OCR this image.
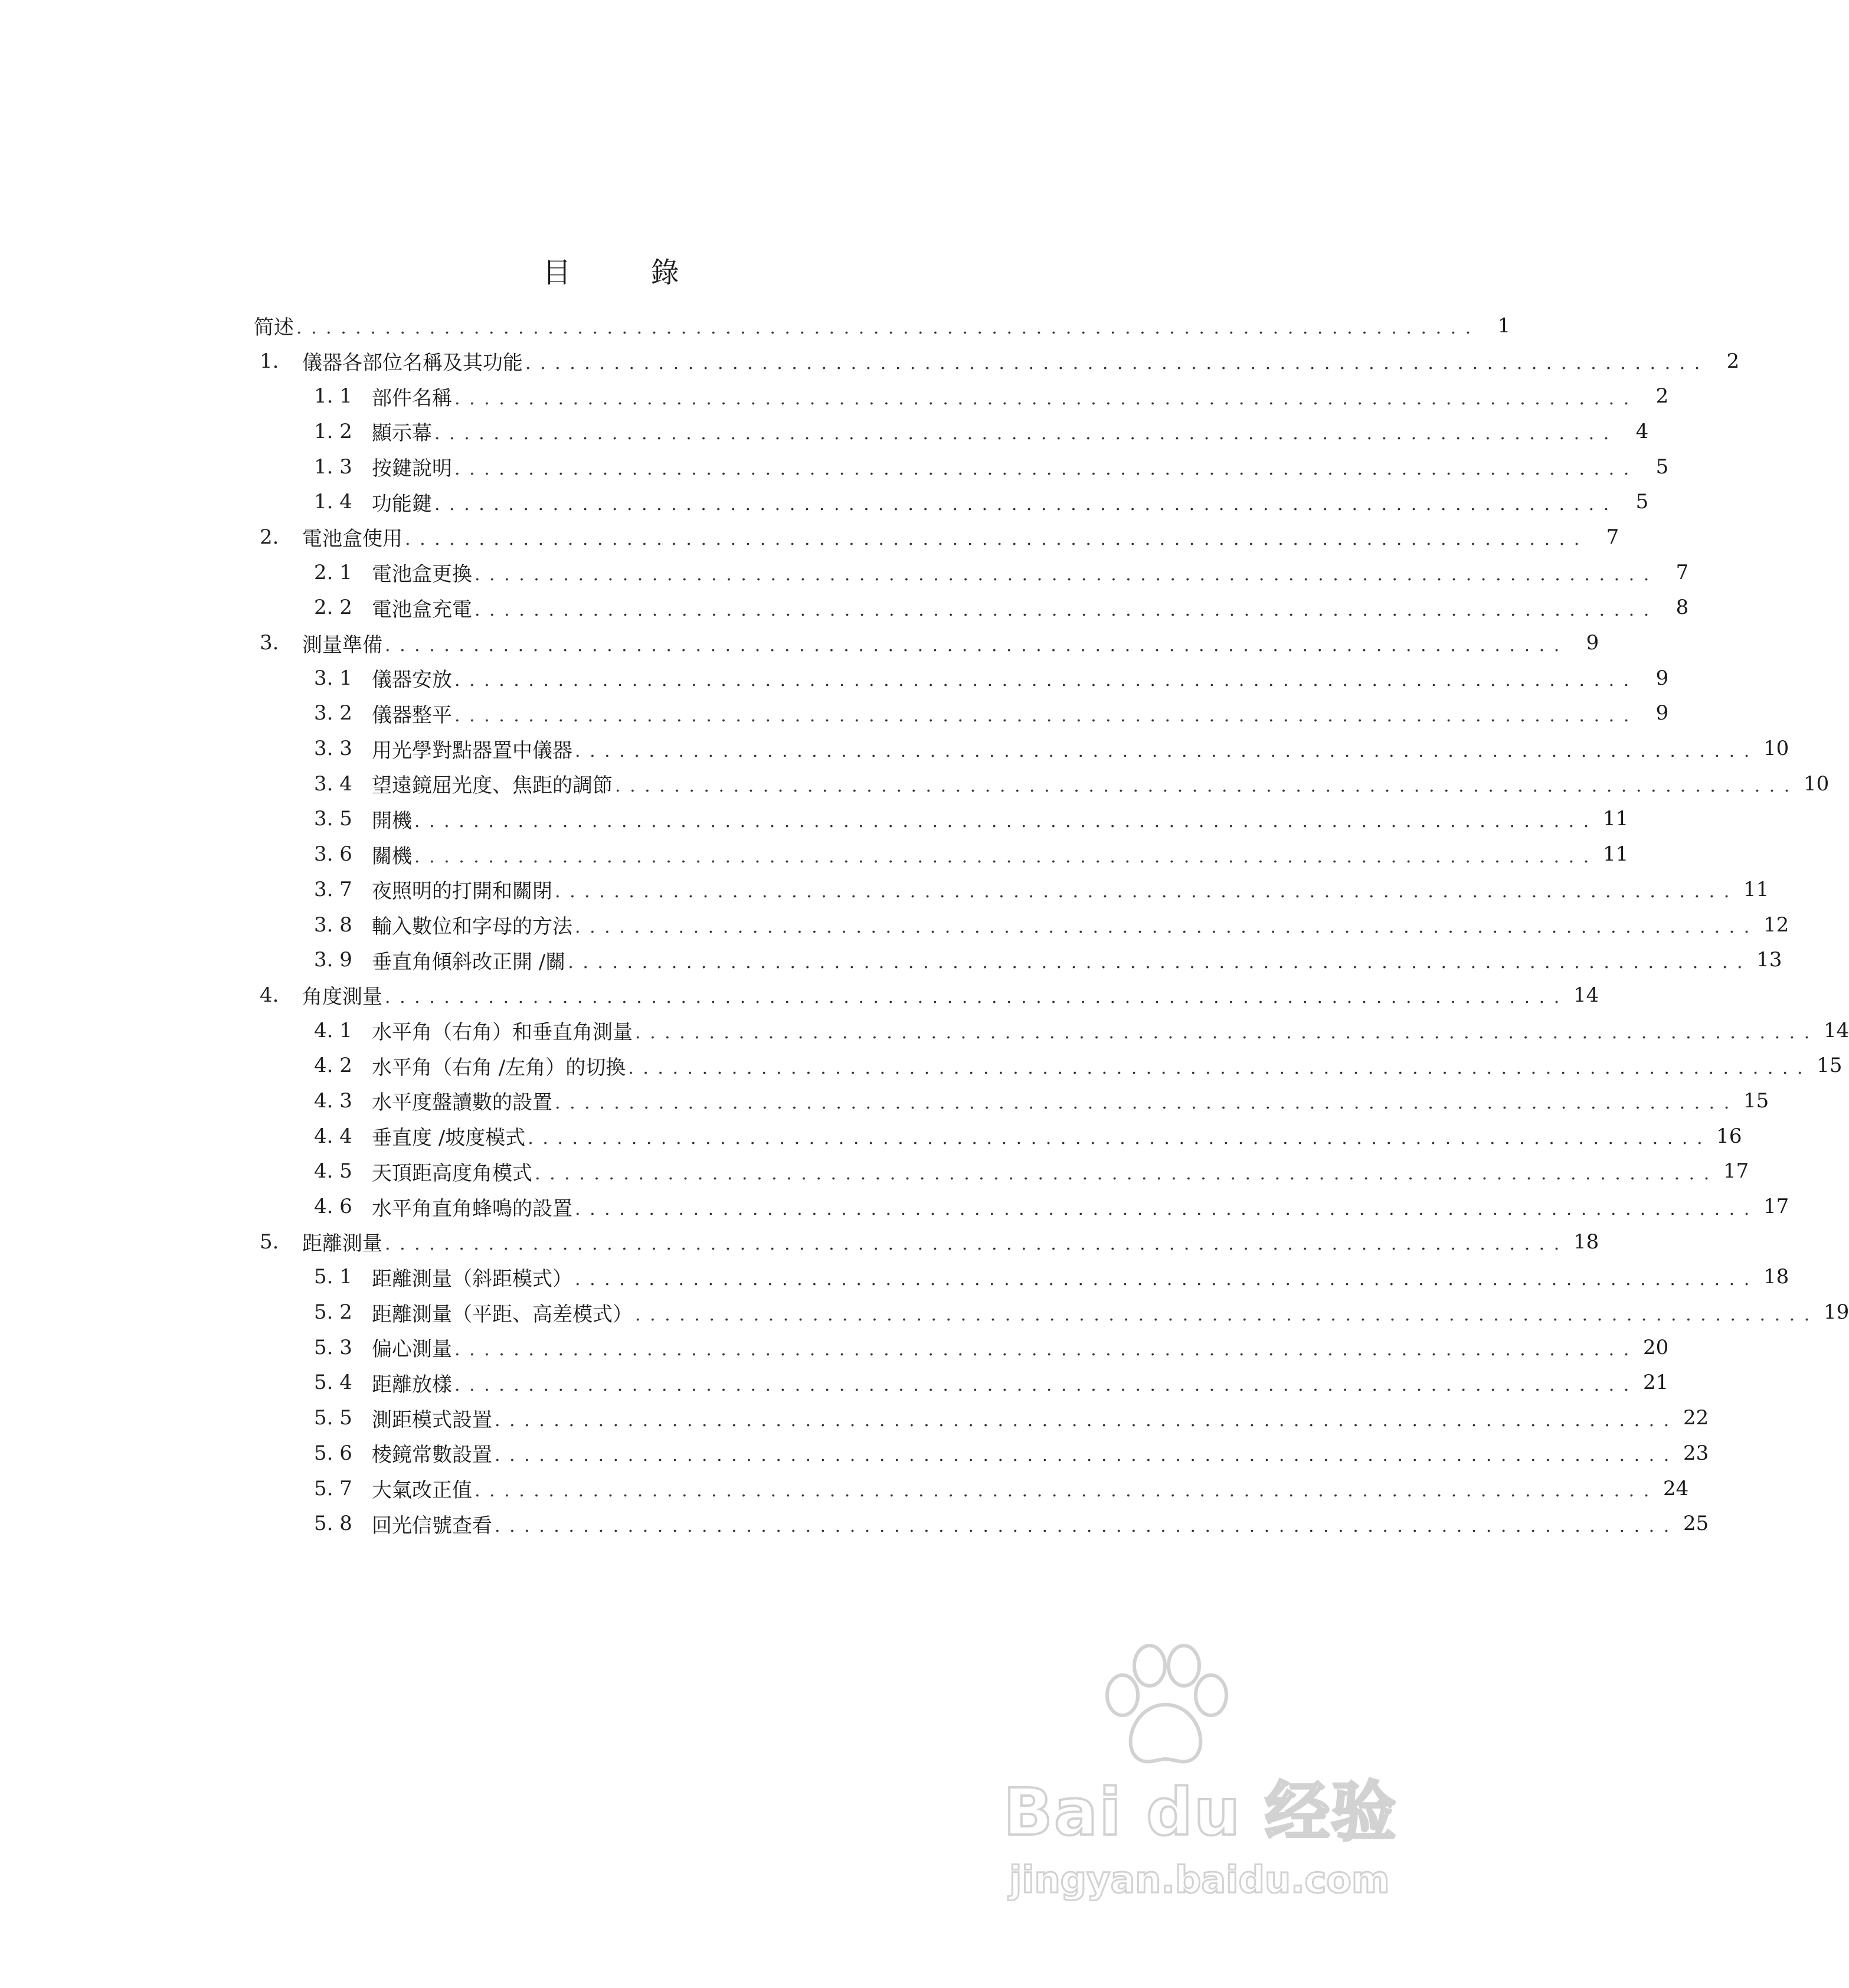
目 錄
简述 . . . . . . . . . . . . . . . . . . . . . . . . . . . . . . . . . . . . . . . . . . . . . . . . . . . . . . . . . . . . . . . . . . . . . . . . . . . . . . . .	1
1.	儀器各部位名稱及其功能 . . . . . . . . . . . . . . . . . . . . . . . . . . . . . . . . . . . . . . . . . . . . . . . . . . . . . . . . . . . . . . . . . . . . . . . . . . . . . . . .	2
1. 1 部件名稱 . . . . . . . . . . . . . . . . . . . . . . . . . . . . . . . . . . . . . . . . . . . . . . . . . . . . . . . . . . . . . . . . . . . . . . . . . . . . . . . .	2
1. 2 顯示幕 . . . . . . . . . . . . . . . . . . . . . . . . . . . . . . . . . . . . . . . . . . . . . . . . . . . . . . . . . . . . . . . . . . . . . . . . . . . . . . . .	4
1. 3 按鍵說明 . . . . . . . . . . . . . . . . . . . . . . . . . . . . . . . . . . . . . . . . . . . . . . . . . . . . . . . . . . . . . . . . . . . . . . . . . . . . . . . .	5
1. 4 功能鍵 . . . . . . . . . . . . . . . . . . . . . . . . . . . . . . . . . . . . . . . . . . . . . . . . . . . . . . . . . . . . . . . . . . . . . . . . . . . . . . . .	5
2.	電池盒使用 . . . . . . . . . . . . . . . . . . . . . . . . . . . . . . . . . . . . . . . . . . . . . . . . . . . . . . . . . . . . . . . . . . . . . . . . . . . . . . . .	7
2. 1 電池盒更換 . . . . . . . . . . . . . . . . . . . . . . . . . . . . . . . . . . . . . . . . . . . . . . . . . . . . . . . . . . . . . . . . . . . . . . . . . . . . . . . .	7
2. 2 電池盒充電 . . . . . . . . . . . . . . . . . . . . . . . . . . . . . . . . . . . . . . . . . . . . . . . . . . . . . . . . . . . . . . . . . . . . . . . . . . . . . . . .	8
3.	測量準備 . . . . . . . . . . . . . . . . . . . . . . . . . . . . . . . . . . . . . . . . . . . . . . . . . . . . . . . . . . . . . . . . . . . . . . . . . . . . . . . .	9
3. 1 儀器安放 . . . . . . . . . . . . . . . . . . . . . . . . . . . . . . . . . . . . . . . . . . . . . . . . . . . . . . . . . . . . . . . . . . . . . . . . . . . . . . . .	9
3. 2 儀器整平 . . . . . . . . . . . . . . . . . . . . . . . . . . . . . . . . . . . . . . . . . . . . . . . . . . . . . . . . . . . . . . . . . . . . . . . . . . . . . . . .	9
3. 3 用光學對點器置中儀器 . . . . . . . . . . . . . . . . . . . . . . . . . . . . . . . . . . . . . . . . . . . . . . . . . . . . . . . . . . . . . . . . . . . . . . . . . . . . . . . . 10
3. 4 望遠鏡屈光度、焦距的調節 . . . . . . . . . . . . . . . . . . . . . . . . . . . . . . . . . . . . . . . . . . . . . . . . . . . . . . . . . . . . . . . . . . . . . . . . . . . . . . . . 10
3. 5 開機 . . . . . . . . . . . . . . . . . . . . . . . . . . . . . . . . . . . . . . . . . . . . . . . . . . . . . . . . . . . . . . . . . . . . . . . . . . . . . . . . 11
3. 6 關機 . . . . . . . . . . . . . . . . . . . . . . . . . . . . . . . . . . . . . . . . . . . . . . . . . . . . . . . . . . . . . . . . . . . . . . . . . . . . . . . . 11
3. 7 夜照明的打開和關閉 . . . . . . . . . . . . . . . . . . . . . . . . . . . . . . . . . . . . . . . . . . . . . . . . . . . . . . . . . . . . . . . . . . . . . . . . . . . . . . . . 11
3. 8 輸入數位和字母的方法 . . . . . . . . . . . . . . . . . . . . . . . . . . . . . . . . . . . . . . . . . . . . . . . . . . . . . . . . . . . . . . . . . . . . . . . . . . . . . . . . 12
3. 9 垂直角傾斜改正開 /關 . . . . . . . . . . . . . . . . . . . . . . . . . . . . . . . . . . . . . . . . . . . . . . . . . . . . . . . . . . . . . . . . . . . . . . . . . . . . . . . . 13
4.	角度測量 . . . . . . . . . . . . . . . . . . . . . . . . . . . . . . . . . . . . . . . . . . . . . . . . . . . . . . . . . . . . . . . . . . . . . . . . . . . . . . . . 14
4. 1 水平角（右角）和垂直角測量 . . . . . . . . . . . . . . . . . . . . . . . . . . . . . . . . . . . . . . . . . . . . . . . . . . . . . . . . . . . . . . . . . . . . . . . . . . . . . . . . 14
4. 2 水平角（右角 /左角）的切換 . . . . . . . . . . . . . . . . . . . . . . . . . . . . . . . . . . . . . . . . . . . . . . . . . . . . . . . . . . . . . . . . . . . . . . . . . . . . . . . . 15
4. 3 水平度盤讀數的設置 . . . . . . . . . . . . . . . . . . . . . . . . . . . . . . . . . . . . . . . . . . . . . . . . . . . . . . . . . . . . . . . . . . . . . . . . . . . . . . . . 15
4. 4 垂直度 /坡度模式 . . . . . . . . . . . . . . . . . . . . . . . . . . . . . . . . . . . . . . . . . . . . . . . . . . . . . . . . . . . . . . . . . . . . . . . . . . . . . . . . 16
4. 5 天頂距高度角模式 . . . . . . . . . . . . . . . . . . . . . . . . . . . . . . . . . . . . . . . . . . . . . . . . . . . . . . . . . . . . . . . . . . . . . . . . . . . . . . . . 17
4. 6 水平角直角蜂鳴的設置 . . . . . . . . . . . . . . . . . . . . . . . . . . . . . . . . . . . . . . . . . . . . . . . . . . . . . . . . . . . . . . . . . . . . . . . . . . . . . . . . 17
5.	距離測量 . . . . . . . . . . . . . . . . . . . . . . . . . . . . . . . . . . . . . . . . . . . . . . . . . . . . . . . . . . . . . . . . . . . . . . . . . . . . . . . . 18
5. 1 距離測量（斜距模式） . . . . . . . . . . . . . . . . . . . . . . . . . . . . . . . . . . . . . . . . . . . . . . . . . . . . . . . . . . . . . . . . . . . . . . . . . . . . . . . . 18
5. 2 距離測量（平距、高差模式） . . . . . . . . . . . . . . . . . . . . . . . . . . . . . . . . . . . . . . . . . . . . . . . . . . . . . . . . . . . . . . . . . . . . . . . . . . . . . . . . 19
5. 3 偏心測量 . . . . . . . . . . . . . . . . . . . . . . . . . . . . . . . . . . . . . . . . . . . . . . . . . . . . . . . . . . . . . . . . . . . . . . . . . . . . . . . . 20
5. 4 距離放樣 . . . . . . . . . . . . . . . . . . . . . . . . . . . . . . . . . . . . . . . . . . . . . . . . . . . . . . . . . . . . . . . . . . . . . . . . . . . . . . . . 21
5. 5 測距模式設置 . . . . . . . . . . . . . . . . . . . . . . . . . . . . . . . . . . . . . . . . . . . . . . . . . . . . . . . . . . . . . . . . . . . . . . . . . . . . . . . . 22
5. 6 棱鏡常數設置 . . . . . . . . . . . . . . . . . . . . . . . . . . . . . . . . . . . . . . . . . . . . . . . . . . . . . . . . . . . . . . . . . . . . . . . . . . . . . . . . 23
5. 7 大氣改正值 . . . . . . . . . . . . . . . . . . . . . . . . . . . . . . . . . . . . . . . . . . . . . . . . . . . . . . . . . . . . . . . . . . . . . . . . . . . . . . . . 24
5. 8 回光信號查看 . . . . . . . . . . . . . . . . . . . . . . . . . . . . . . . . . . . . . . . . . . . . . . . . . . . . . . . . . . . . . . . . . . . . . . . . . . . . . . . . 25
Bai du 经验
jingyan.baidu.com
